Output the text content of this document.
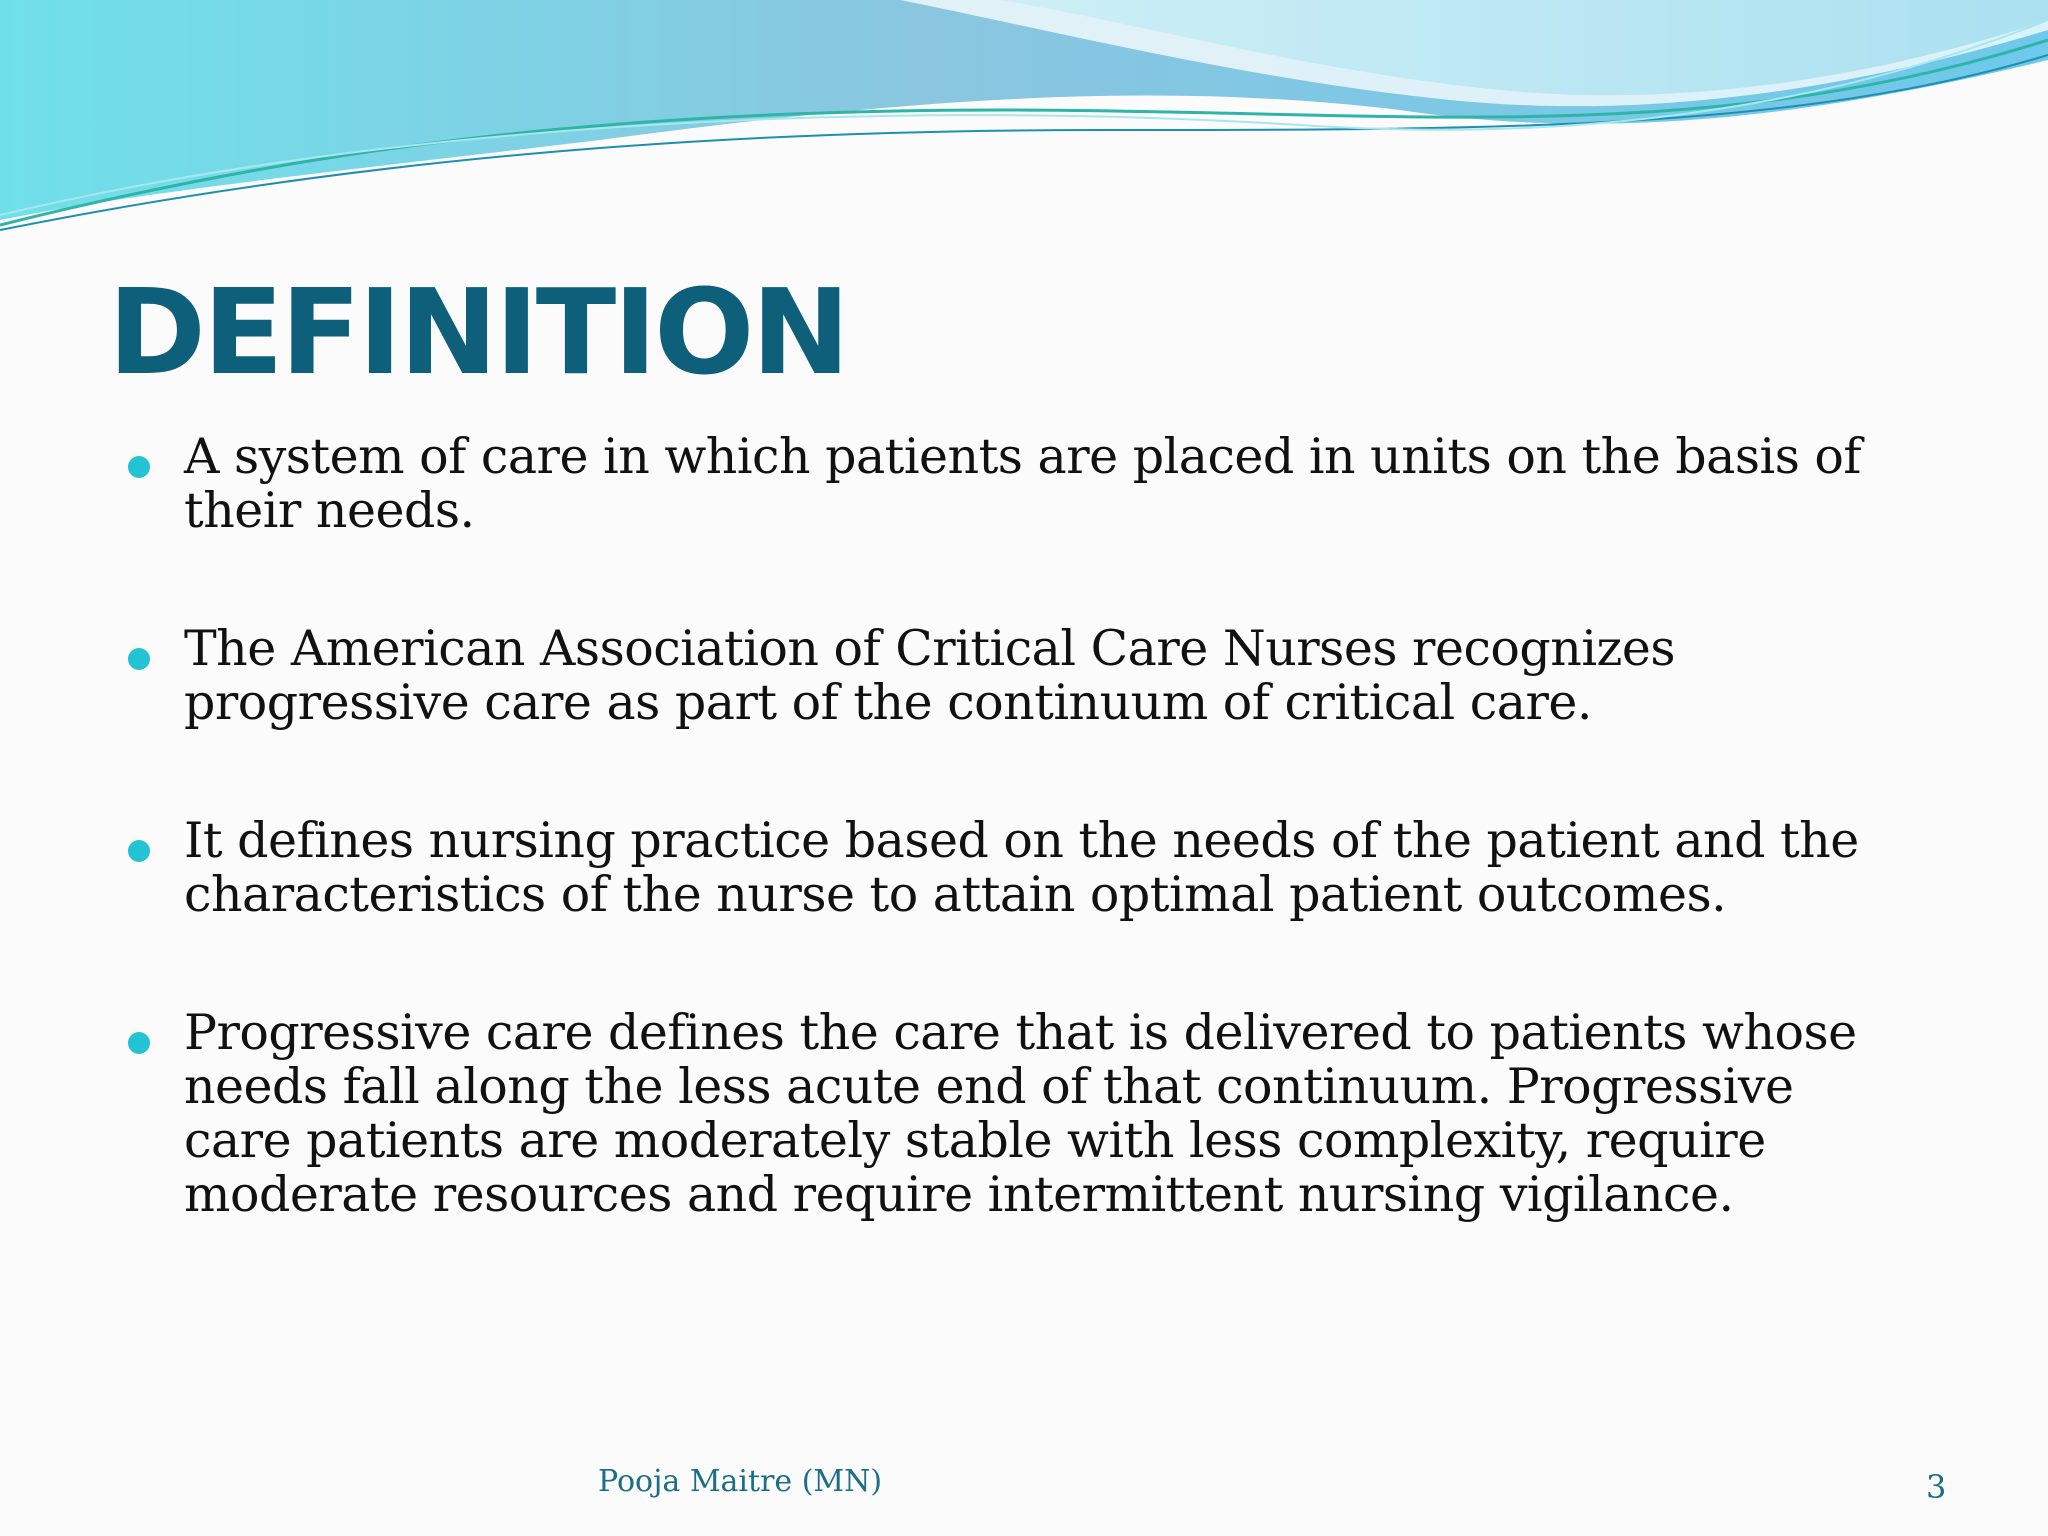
DEFINITION
A system of care in which patients are placed in units on the basis of their needs.
The American Association of Critical Care Nurses recognizes progressive care as part of the continuum of critical care.
It defines nursing practice based on the needs of the patient and the characteristics of the nurse to attain optimal patient outcomes.
Progressive care defines the care that is delivered to patients whose needs fall along the less acute end of that continuum. Progressive care patients are moderately stable with less complexity, require moderate resources and require intermittent nursing vigilance.
Pooja Maitre (MN)	3
